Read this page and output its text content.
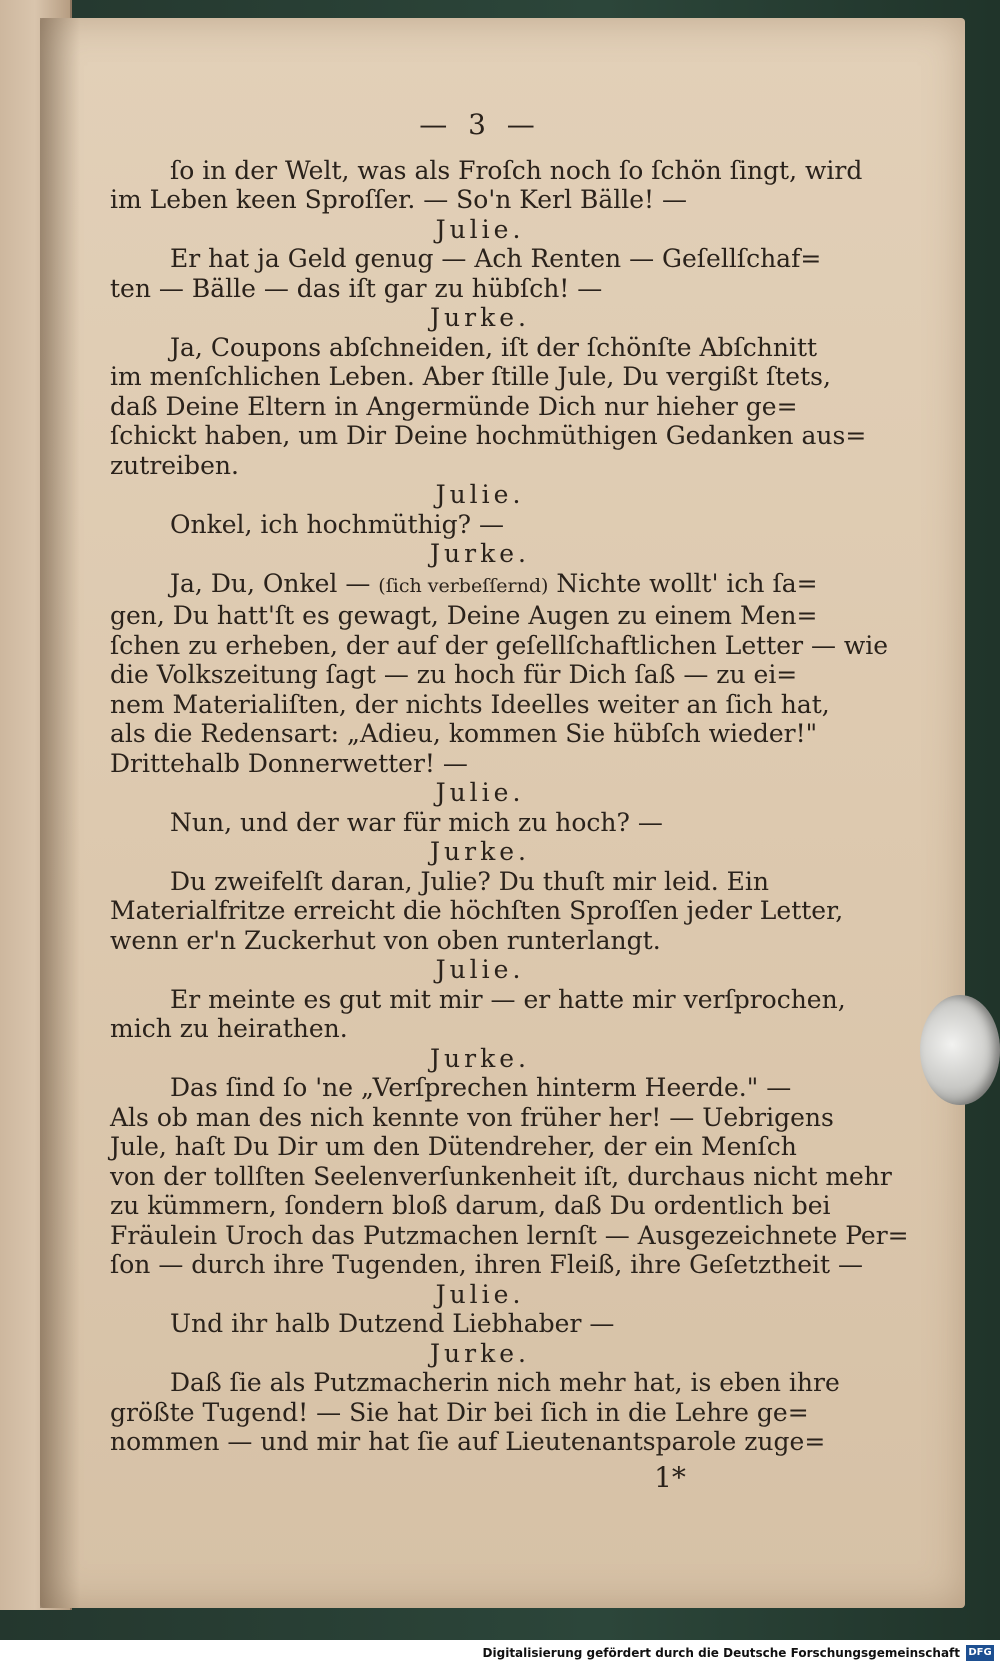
— 3 —
ſo in der Welt, was als Froſch noch ſo ſchön ſingt, wird
im Leben keen Sproſſer. — So'n Kerl Bälle! —
Julie.
Er hat ja Geld genug — Ach Renten — Geſellſchaf=
ten — Bälle — das iſt gar zu hübſch! —
Jurke.
Ja, Coupons abſchneiden, iſt der ſchönſte Abſchnitt
im menſchlichen Leben. Aber ſtille Jule, Du vergißt ſtets,
daß Deine Eltern in Angermünde Dich nur hieher ge=
ſchickt haben, um Dir Deine hochmüthigen Gedanken aus=
zutreiben.
Julie.
Onkel, ich hochmüthig? —
Jurke.
Ja, Du, Onkel — (ſich verbeſſernd) Nichte wollt' ich ſa=
gen, Du hatt'ſt es gewagt, Deine Augen zu einem Men=
ſchen zu erheben, der auf der geſellſchaftlichen Letter — wie
die Volkszeitung ſagt — zu hoch für Dich ſaß — zu ei=
nem Materialiſten, der nichts Ideelles weiter an ſich hat,
als die Redensart: „Adieu, kommen Sie hübſch wieder!"
Drittehalb Donnerwetter! —
Julie.
Nun, und der war für mich zu hoch? —
Jurke.
Du zweifelſt daran, Julie? Du thuſt mir leid. Ein
Materialfritze erreicht die höchſten Sproſſen jeder Letter,
wenn er'n Zuckerhut von oben runterlangt.
Julie.
Er meinte es gut mit mir — er hatte mir verſprochen,
mich zu heirathen.
Jurke.
Das ſind ſo 'ne „Verſprechen hinterm Heerde." —
Als ob man des nich kennte von früher her! — Uebrigens
Jule, haſt Du Dir um den Dütendreher, der ein Menſch
von der tollſten Seelenverſunkenheit iſt, durchaus nicht mehr
zu kümmern, ſondern bloß darum, daß Du ordentlich bei
Fräulein Uroch das Putzmachen lernſt — Ausgezeichnete Per=
ſon — durch ihre Tugenden, ihren Fleiß, ihre Geſetztheit —
Julie.
Und ihr halb Dutzend Liebhaber —
Jurke.
Daß ſie als Putzmacherin nich mehr hat, is eben ihre
größte Tugend! — Sie hat Dir bei ſich in die Lehre ge=
nommen — und mir hat ſie auf Lieutenantsparole zuge=
1*
Digitalisierung gefördert durch die Deutsche Forschungsgemeinschaft DFG
